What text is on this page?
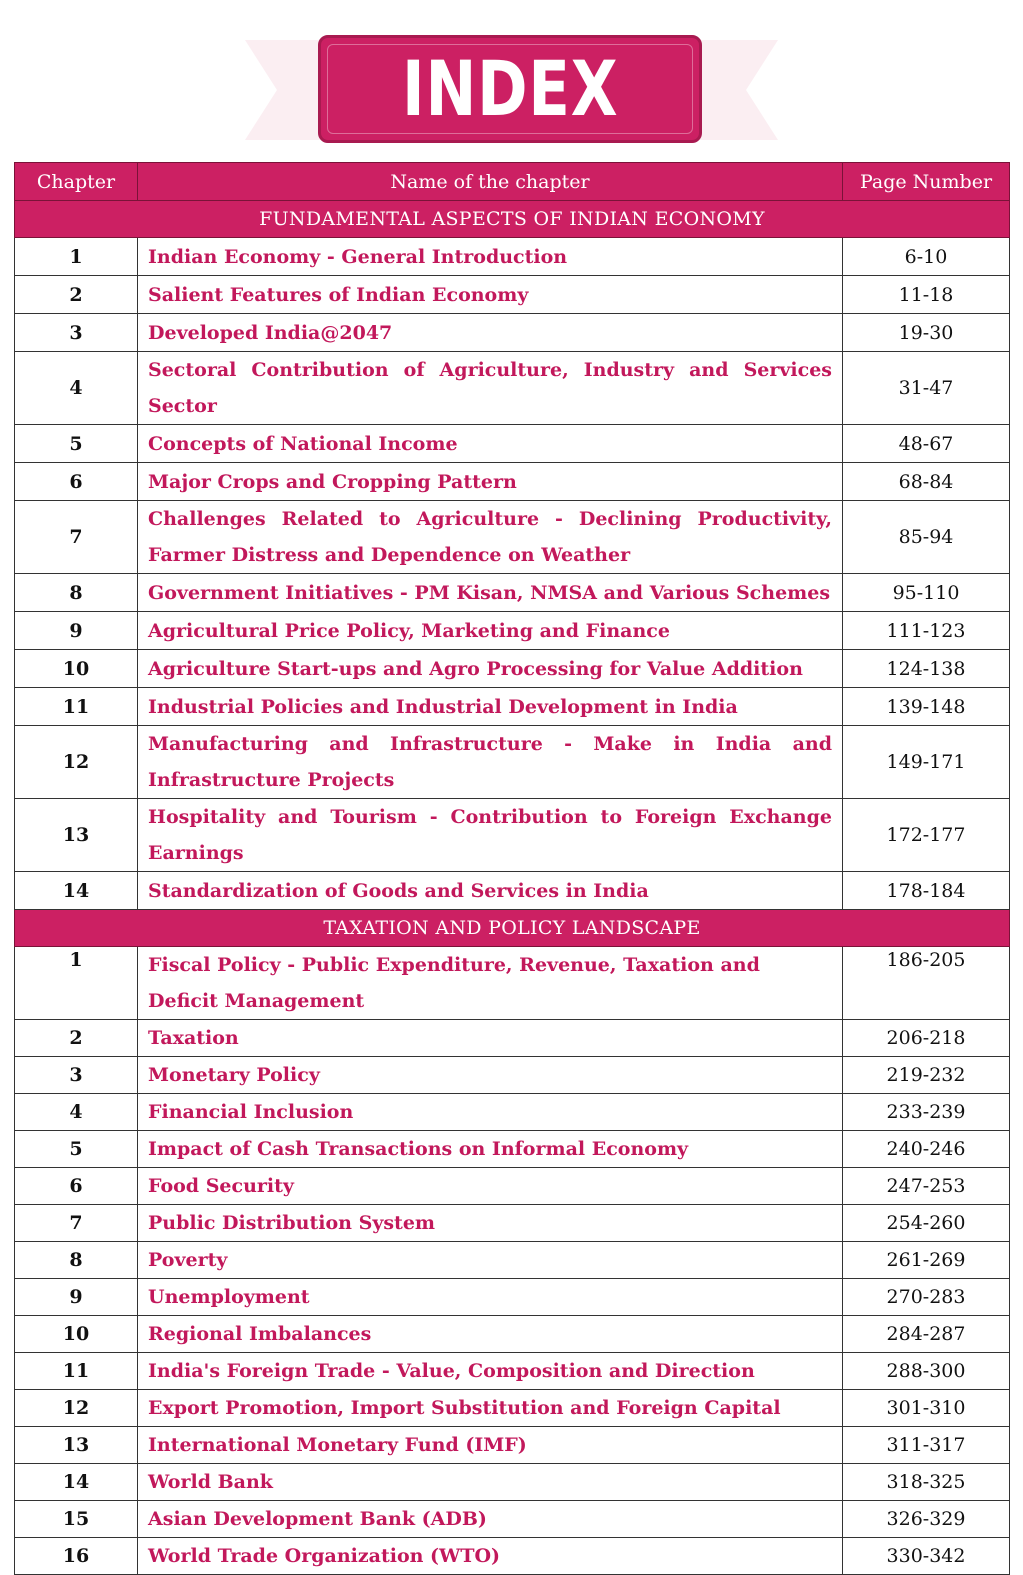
INDEX
Chapter	Name of the chapter	Page Number
FUNDAMENTAL ASPECTS OF INDIAN ECONOMY		
1	Indian Economy - General Introduction	6-10
2	Salient Features of Indian Economy	11-18
3	Developed India@2047	19-30
4	Sectoral Contribution of Agriculture, Industry and Services Sector	31-47
5	Concepts of National Income	48-67
6	Major Crops and Cropping Pattern	68-84
7	Challenges Related to Agriculture - Declining Productivity, Farmer Distress and Dependence on Weather	85-94
8	Government Initiatives - PM Kisan, NMSA and Various Schemes	95-110
9	Agricultural Price Policy, Marketing and Finance	111-123
10	Agriculture Start-ups and Agro Processing for Value Addition	124-138
11	Industrial Policies and Industrial Development in India	139-148
12	Manufacturing and Infrastructure - Make in India and Infrastructure Projects	149-171
13	Hospitality and Tourism - Contribution to Foreign Exchange Earnings	172-177
14	Standardization of Goods and Services in India	178-184
TAXATION AND POLICY LANDSCAPE		
1	Fiscal Policy - Public Expenditure, Revenue, Taxation and Deficit Management	186-205
2	Taxation	206-218
3	Monetary Policy	219-232
4	Financial Inclusion	233-239
5	Impact of Cash Transactions on Informal Economy	240-246
6	Food Security	247-253
7	Public Distribution System	254-260
8	Poverty	261-269
9	Unemployment	270-283
10	Regional Imbalances	284-287
11	India's Foreign Trade - Value, Composition and Direction	288-300
12	Export Promotion, Import Substitution and Foreign Capital	301-310
13	International Monetary Fund (IMF)	311-317
14	World Bank	318-325
15	Asian Development Bank (ADB)	326-329
16	World Trade Organization (WTO)	330-342
